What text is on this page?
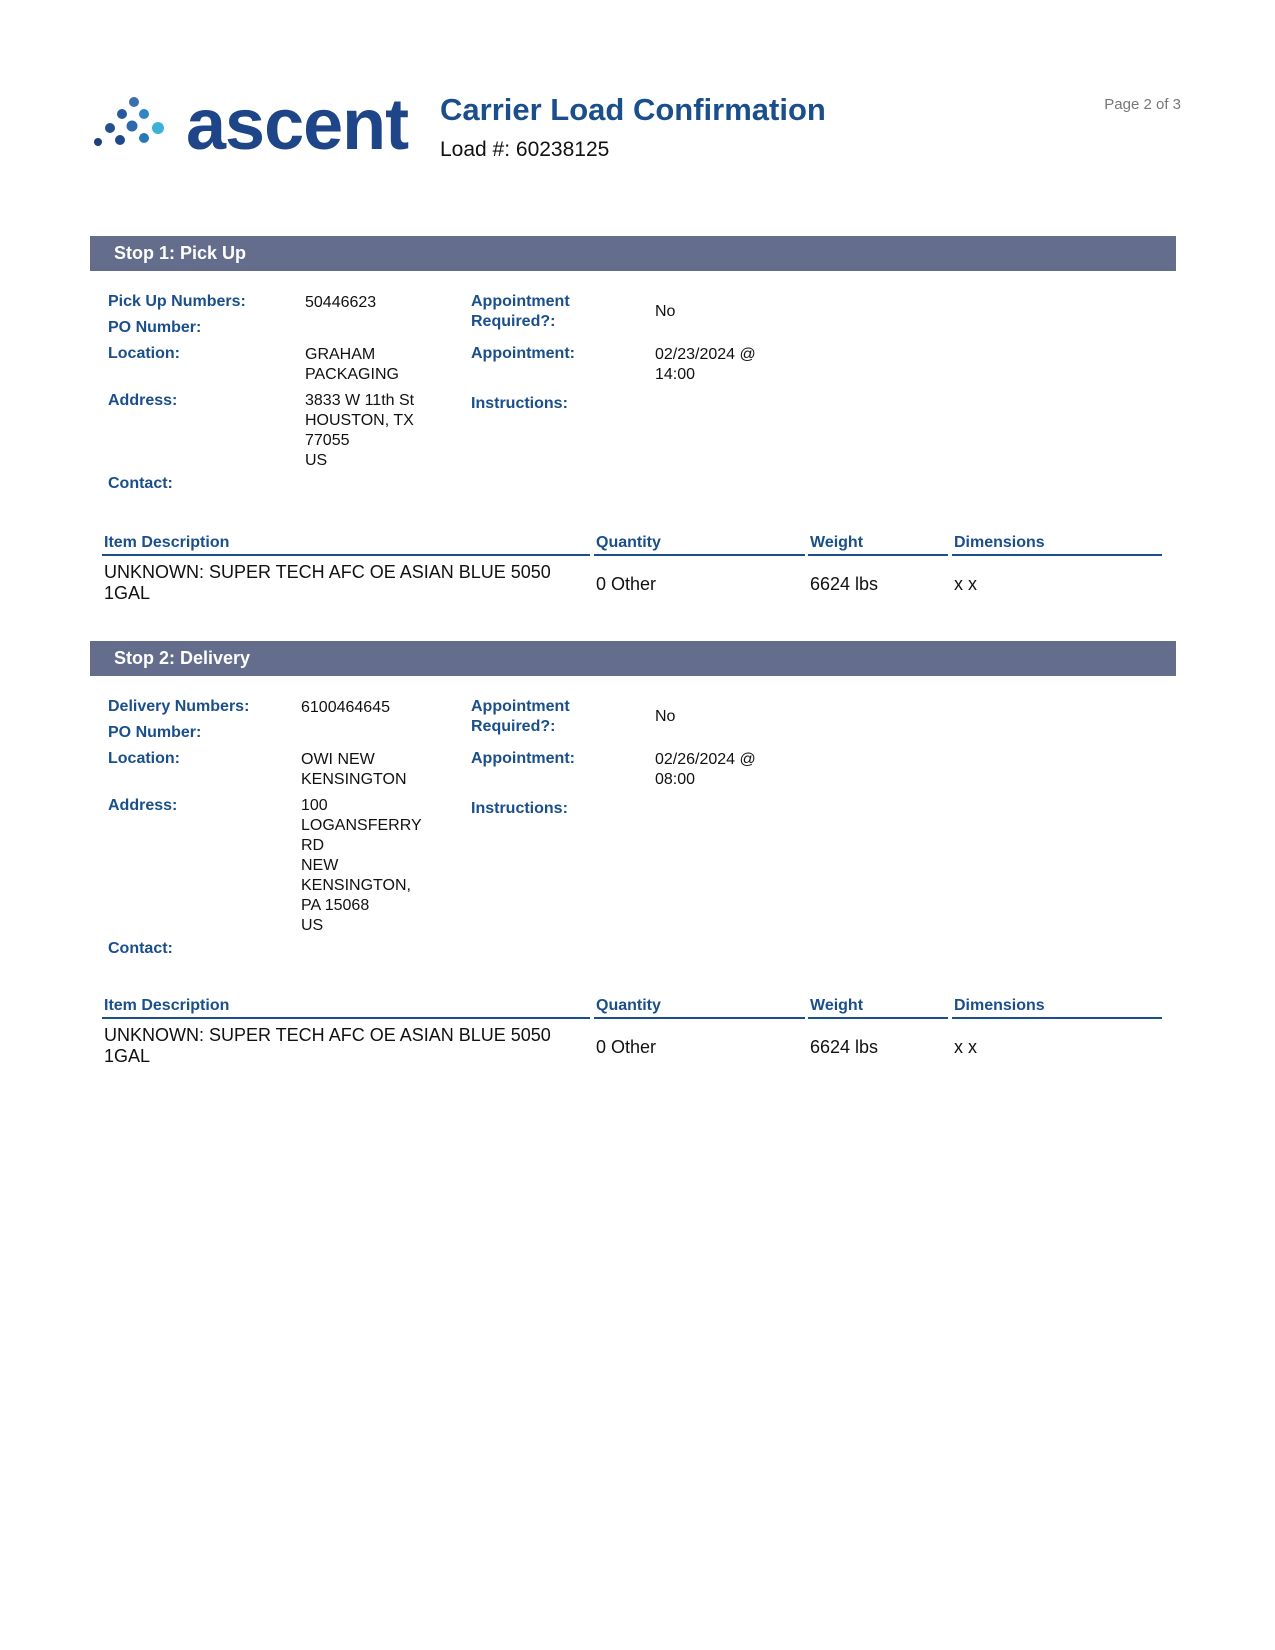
ascent Carrier Load Confirmation
Load #: 60238125
Page 2 of 3
Stop 1: Pick Up
Pick Up Numbers:	50446623
PO Number:
Location:	GRAHAM
PACKAGING
Address:	3833 W 11th St
HOUSTON, TX
77055
US
Contact:
Appointment
Required?:
No
Appointment:	02/23/2024 @
14:00
Instructions:
Item Description	Quantity	Weight	Dimensions
UNKNOWN: SUPER TECH AFC OE ASIAN BLUE 5050
1GAL	0 Other	6624 lbs	x x
Stop 2: Delivery
Delivery Numbers:	6100464645
PO Number:
Location:	OWI NEW
KENSINGTON
Address:	100
LOGANSFERRY
RD
NEW
KENSINGTON,
PA 15068
US
Contact:
Appointment
Required?:
No
Appointment:	02/26/2024 @
08:00
Instructions:
Item Description	Quantity	Weight	Dimensions
UNKNOWN: SUPER TECH AFC OE ASIAN BLUE 5050
1GAL	0 Other	6624 lbs	x x
